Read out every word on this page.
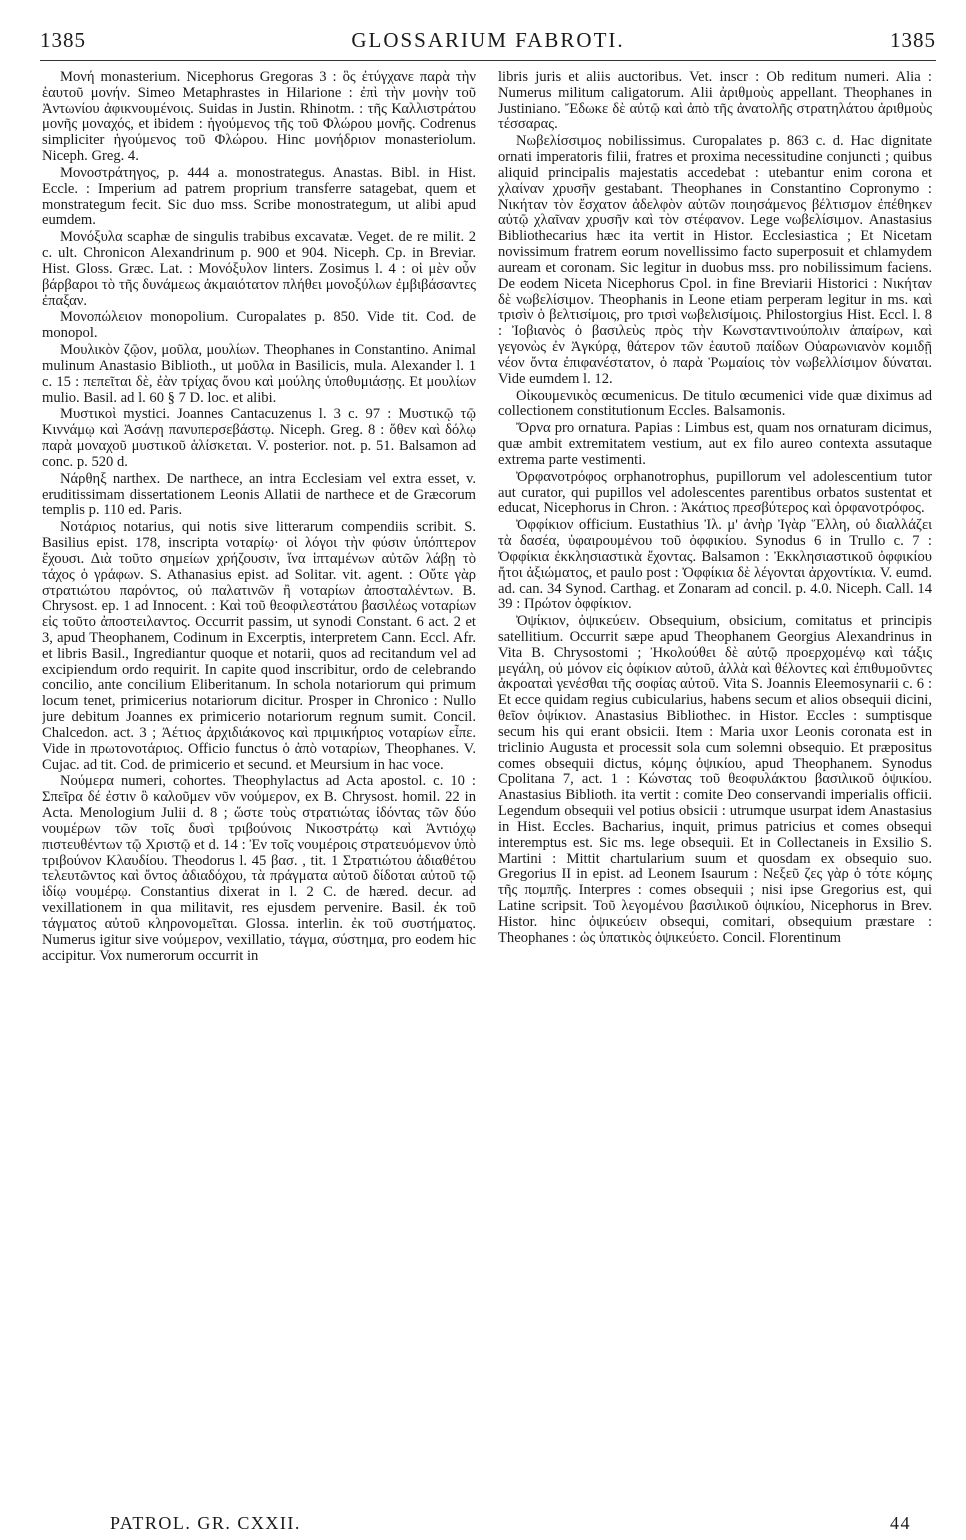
1385	GLOSSARIUM FABROTI.	1385
Μονή monasterium. Nicephorus Gregoras 3 : ὃς ἐτύγχανε παρὰ τὴν ἑαυτοῦ μονήν. Simeo Metaphrastes in Hilarione : ἐπὶ τὴν μονὴν τοῦ Ἀντωνίου ἀφικνουμένοις. Suidas in Justin. Rhinotm. : τῆς Καλλιστράτου μονῆς μοναχός, et ibidem : ἡγούμενος τῆς τοῦ Φλώρου μονῆς. Codrenus simpliciter ἡγούμενος τοῦ Φλώρου. Hinc μονήδριον monasteriolum. Niceph. Greg. 4.
Μονοστράτηγος, p. 444 a. monostrategus. Anastas. Bibl. in Hist. Eccle. : Imperium ad patrem proprium transferre satagebat, quem et monstrategum fecit. Sic duo mss. Scribe monostrategum, ut alibi apud eumdem.
Μονόξυλα scaphæ de singulis trabibus excavatæ. Veget. de re milit. 2 c. ult. Chronicon Alexandrinum p. 900 et 904. Niceph. Cp. in Breviar. Hist. Gloss. Græc. Lat. : Μονόξυλον linters. Zosimus l. 4 : οἱ μὲν οὖν βάρβαροι τὸ τῆς δυνάμεως ἀκμαιότατον πλήθει μονοξύλων ἐμβιβάσαντες ἐπαξαν.
Μονοπώλειον monopolium. Curopalates p. 850. Vide tit. Cod. de monopol.
Μουλικὸν ζῷον, μοῦλα, μουλίων. Theophanes in Constantino. Animal mulinum Anastasio Biblioth., ut μοῦλα in Basilicis, mula. Alexander l. 1 c. 15 : πεπεῖται δὲ, ἐὰν τρίχας ὄνου καὶ μούλης ὑποθυμιάσῃς. Et μουλίων mulio. Basil. ad l. 60 § 7 D. loc. et alibi.
Μυστικοὶ mystici. Joannes Cantacuzenus l. 3 c. 97 : Μυστικῷ τῷ Κιννάμῳ καὶ Ἀσάνῃ πανυπερσεβάστῳ. Niceph. Greg. 8 : ὅθεν καὶ δόλῳ παρὰ μοναχοῦ μυστικοῦ ἁλίσκεται. V. posterior. not. p. 51. Balsamon ad conc. p. 520 d.
Νάρθηξ narthex. De narthece, an intra Ecclesiam vel extra esset, v. eruditissimam dissertationem Leonis Allatii de narthece et de Græcorum templis p. 110 ed. Paris.
Νοτάριος notarius, qui notis sive litterarum compendiis scribit. S. Basilius epist. 178, inscripta νοταρίῳ· οἱ λόγοι τὴν φύσιν ὑπόπτερον ἔχουσι. Διὰ τοῦτο σημείων χρήζουσιν, ἵνα ἱπταμένων αὐτῶν λάβῃ τὸ τάχος ὁ γράφων. S. Athanasius epist. ad Solitar. vit. agent. : Οὔτε γὰρ στρατιώτου παρόντος, οὐ παλατινῶν ἢ νοταρίων ἀποσταλέντων. B. Chrysost. ep. 1 ad Innocent. : Καὶ τοῦ θεοφιλεστάτου βασιλέως νοταρίων εἰς τοῦτο ἀποστειλαντος. Occurrit passim, ut synodi Constant. 6 act. 2 et 3, apud Theophanem, Codinum in Excerptis, interpretem Cann. Eccl. Afr. et libris Basil., Ingrediantur quoque et notarii, quos ad recitandum vel ad excipiendum ordo requirit. In capite quod inscribitur, ordo de celebrando concilio, ante concilium Eliberitanum. In schola notariorum qui primum locum tenet, primicerius notariorum dicitur. Prosper in Chronico : Nullo jure debitum Joannes ex primicerio notariorum regnum sumit. Concil. Chalcedon. act. 3 ; Ἀέτιος ἀρχιδιάκονος καὶ πριμικήριος νοταρίων εἶπε. Vide in πρωτονοτάριος. Officio functus ὁ ἀπὸ νοταρίων, Theophanes. V. Cujac. ad tit. Cod. de primicerio et secund. et Meursium in hac voce.
Νούμερα numeri, cohortes. Theophylactus ad Acta apostol. c. 10 : Σπεῖρα δέ ἐστιν ὃ καλοῦμεν νῦν νούμερον, ex B. Chrysost. homil. 22 in Acta. Menologium Julii d. 8 ; ὥστε τοὺς στρατιώτας ἰδόντας τῶν δύο νουμέρων τῶν τοῖς δυσὶ τριβούνοις Νικοστράτῳ καὶ Ἀντιόχῳ πιστευθέντων τῷ Χριστῷ et d. 14 : Ἐν τοῖς νουμέροις στρατευόμενον ὑπὸ τριβούνον Κλαυδίου. Theodorus l. 45 βασ. , tit. 1 Στρατιώτου ἀδιαθέτου τελευτῶντος καὶ ὄντος ἀδιαδόχου, τὰ πράγματα αὐτοῦ δίδοται αὐτοῦ τῷ ἰδίῳ νουμέρῳ. Constantius dixerat in l. 2 C. de hæred. decur. ad vexillationem in qua militavit, res ejusdem pervenire. Basil. ἐκ τοῦ τάγματος αὐτοῦ κληρονομεῖται. Glossa. interlin. ἐκ τοῦ συστήματος. Numerus igitur sive νούμερον, vexillatio, τάγμα, σύστημα, pro eodem hic accipitur. Vox numerorum occurrit in
libris juris et aliis auctoribus. Vet. inscr : Ob reditum numeri. Alia : Numerus militum caligatorum. Alii ἀριθμοὺς appellant. Theophanes in Justiniano. Ἔδωκε δὲ αὐτῷ καὶ ἀπὸ τῆς ἀνατολῆς στρατηλάτου ἀριθμοὺς τέσσαρας.
Νωβελίσσιμος nobilissimus. Curopalates p. 863 c. d. Hac dignitate ornati imperatoris filii, fratres et proxima necessitudine conjuncti ; quibus aliquid principalis majestatis accedebat : utebantur enim corona et χλαίναν χρυσῆν gestabant. Theophanes in Constantino Copronymo : Νικήταν τὸν ἔσχατον ἀδελφὸν αὐτῶν ποιησάμενος βέλτισμον ἐπέθηκεν αὐτῷ χλαῖναν χρυσῆν καὶ τὸν στέφανον. Lege νωβελίσιμον. Anastasius Bibliothecarius hæc ita vertit in Histor. Ecclesiastica ; Et Nicetam novissimum fratrem eorum novellissimo facto superposuit et chlamydem auream et coronam. Sic legitur in duobus mss. pro nobilissimum faciens. De eodem Niceta Nicephorus Cpol. in fine Breviarii Historici : Νικήταν δὲ νωβελίσιμον. Theophanis in Leone etiam perperam legitur in ms. καὶ τρισὶν ὁ βελτισίμοις, pro τρισὶ νωβελισίμοις. Philostorgius Hist. Eccl. l. 8 : Ἰοβιανὸς ὁ βασιλεὺς πρὸς τὴν Κωνσταντινούπολιν ἀπαίρων, καὶ γεγονὼς ἐν Ἀγκύρᾳ, θάτερον τῶν ἑαυτοῦ παίδων Οὐαρωνιανὸν κομιδῇ νέον ὄντα ἐπιφανέστατον, ὁ παρὰ Ῥωμαίοις τὸν νωβελλίσιμον δύναται. Vide eumdem l. 12.
Οἰκουμενικὸς œcumenicus. De titulo œcumenici vide quæ diximus ad collectionem constitutionum Eccles. Balsamonis.
Ὄρνα pro ornatura. Papias : Limbus est, quam nos ornaturam dicimus, quæ ambit extremitatem vestium, aut ex filo aureo contexta assutaque extrema parte vestimenti.
Ὀρφανοτρόφος orphanotrophus, pupillorum vel adolescentium tutor aut curator, qui pupillos vel adolescentes parentibus orbatos sustentat et educat, Nicephorus in Chron. : Ἀκάτιος πρεσβύτερος καὶ ὀρφανοτρόφος.
Ὀφφίκιον officium. Eustathius Ἰλ. μ' ἀνὴρ Ἰγὰρ Ἕλλη, οὐ διαλλάζει τὰ δασέα, ὑφαιρουμένου τοῦ ὀφφικίου. Synodus 6 in Trullo c. 7 : Ὀφφίκια ἐκκλησιαστικὰ ἔχοντας. Balsamon : Ἐκκλησιαστικοῦ ὀφφικίου ἤτοι ἀξιώματος, et paulo post : Ὀφφίκια δὲ λέγονται ἀρχοντίκια. V. eumd. ad. can. 34 Synod. Carthag. et Zonaram ad concil. p. 4.0. Niceph. Call. 14 39 : Πρώτον ὀφφίκιον.
Ὀψίκιον, ὀψικεύειν. Obsequium, obsicium, comitatus et principis satellitium. Occurrit sæpe apud Theophanem Georgius Alexandrinus in Vita B. Chrysostomi ; Ἠκολούθει δὲ αὐτῷ προερχομένῳ καὶ τάξις μεγάλη, οὐ μόνον εἰς ὀφίκιον αὐτοῦ, ἀλλὰ καὶ θέλοντες καὶ ἐπιθυμοῦντες ἀκροαταὶ γενέσθαι τῆς σοφίας αὐτοῦ. Vita S. Joannis Eleemosynarii c. 6 : Et ecce quidam regius cubicularius, habens secum et alios obsequii dicini, θεῖον ὀψίκιον. Anastasius Bibliothec. in Histor. Eccles : sumptisque secum his qui erant obsicii. Item : Maria uxor Leonis coronata est in triclinio Augusta et processit sola cum solemni obsequio. Et præpositus comes obsequii dictus, κόμης ὀψικίου, apud Theophanem. Synodus Cpolitana 7, act. 1 : Κώνστας τοῦ θεοφυλάκτου βασιλικοῦ ὀψικίου. Anastasius Biblioth. ita vertit : comite Deo conservandi imperialis officii. Legendum obsequii vel potius obsicii : utrumque usurpat idem Anastasius in Hist. Eccles. Bacharius, inquit, primus patricius et comes obsequi interemptus est. Sic ms. lege obsequii. Et in Collectaneis in Exsilio S. Martini : Mittit chartularium suum et quosdam ex obsequio suo. Gregorius II in epist. ad Leonem Isaurum : Νεξεῦ ζες γὰρ ὁ τότε κόμης τῆς πομπῆς. Interpres : comes obsequii ; nisi ipse Gregorius est, qui Latine scripsit. Τοῦ λεγομένου βασιλικοῦ ὀψικίου, Nicephorus in Brev. Histor. hinc ὀψικεύειν obsequi, comitari, obsequium præstare : Theophanes : ὡς ὑπατικὸς ὀψικεύετο. Concil. Florentinum
PATROL. GR. CXXII.	44
